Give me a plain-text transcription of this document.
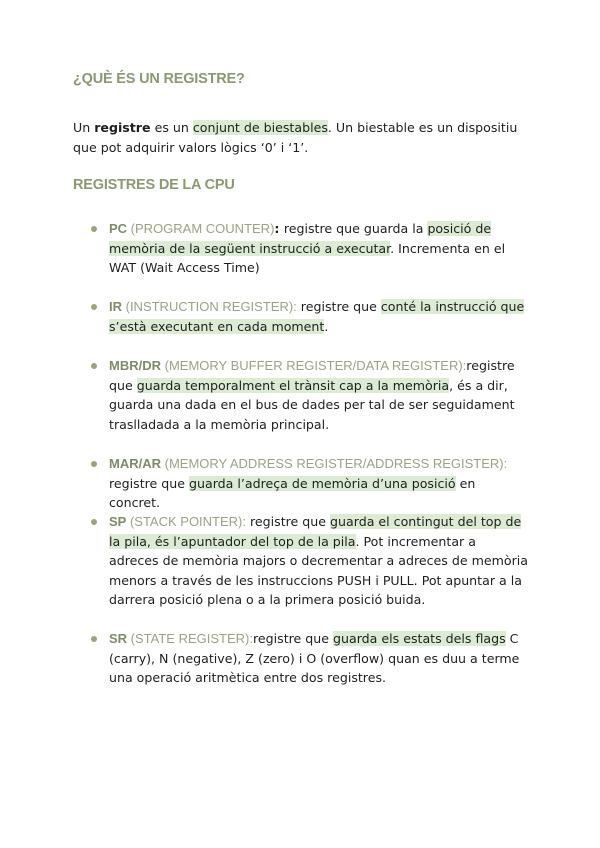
¿QUÈ ÉS UN REGISTRE?

Un registre es un conjunt de biestables. Un biestable es un dispositiu que pot adquirir valors lògics ‘0’ i ‘1’.

REGISTRES DE LA CPU

PC (PROGRAM COUNTER): registre que guarda la posició de memòria de la següent instrucció a executar. Incrementa en el WAT (Wait Access Time)

IR (INSTRUCTION REGISTER): registre que conté la instrucció que s’està executant en cada moment.

MBR/DR (MEMORY BUFFER REGISTER/DATA REGISTER):registre que guarda temporalment el trànsit cap a la memòria, és a dir, guarda una dada en el bus de dades per tal de ser seguidament traslladada a la memòria principal.

MAR/AR (MEMORY ADDRESS REGISTER/ADDRESS REGISTER): registre que guarda l’adreça de memòria d’una posició en concret.

SP (STACK POINTER): registre que guarda el contingut del top de la pila, és l’apuntador del top de la pila. Pot incrementar a adreces de memòria majors o decrementar a adreces de memòria menors a través de les instruccions PUSH i PULL. Pot apuntar a la darrera posició plena o a la primera posició buida.

SR (STATE REGISTER):registre que guarda els estats dels flags C (carry), N (negative), Z (zero) i O (overflow) quan es duu a terme una operació aritmètica entre dos registres.
